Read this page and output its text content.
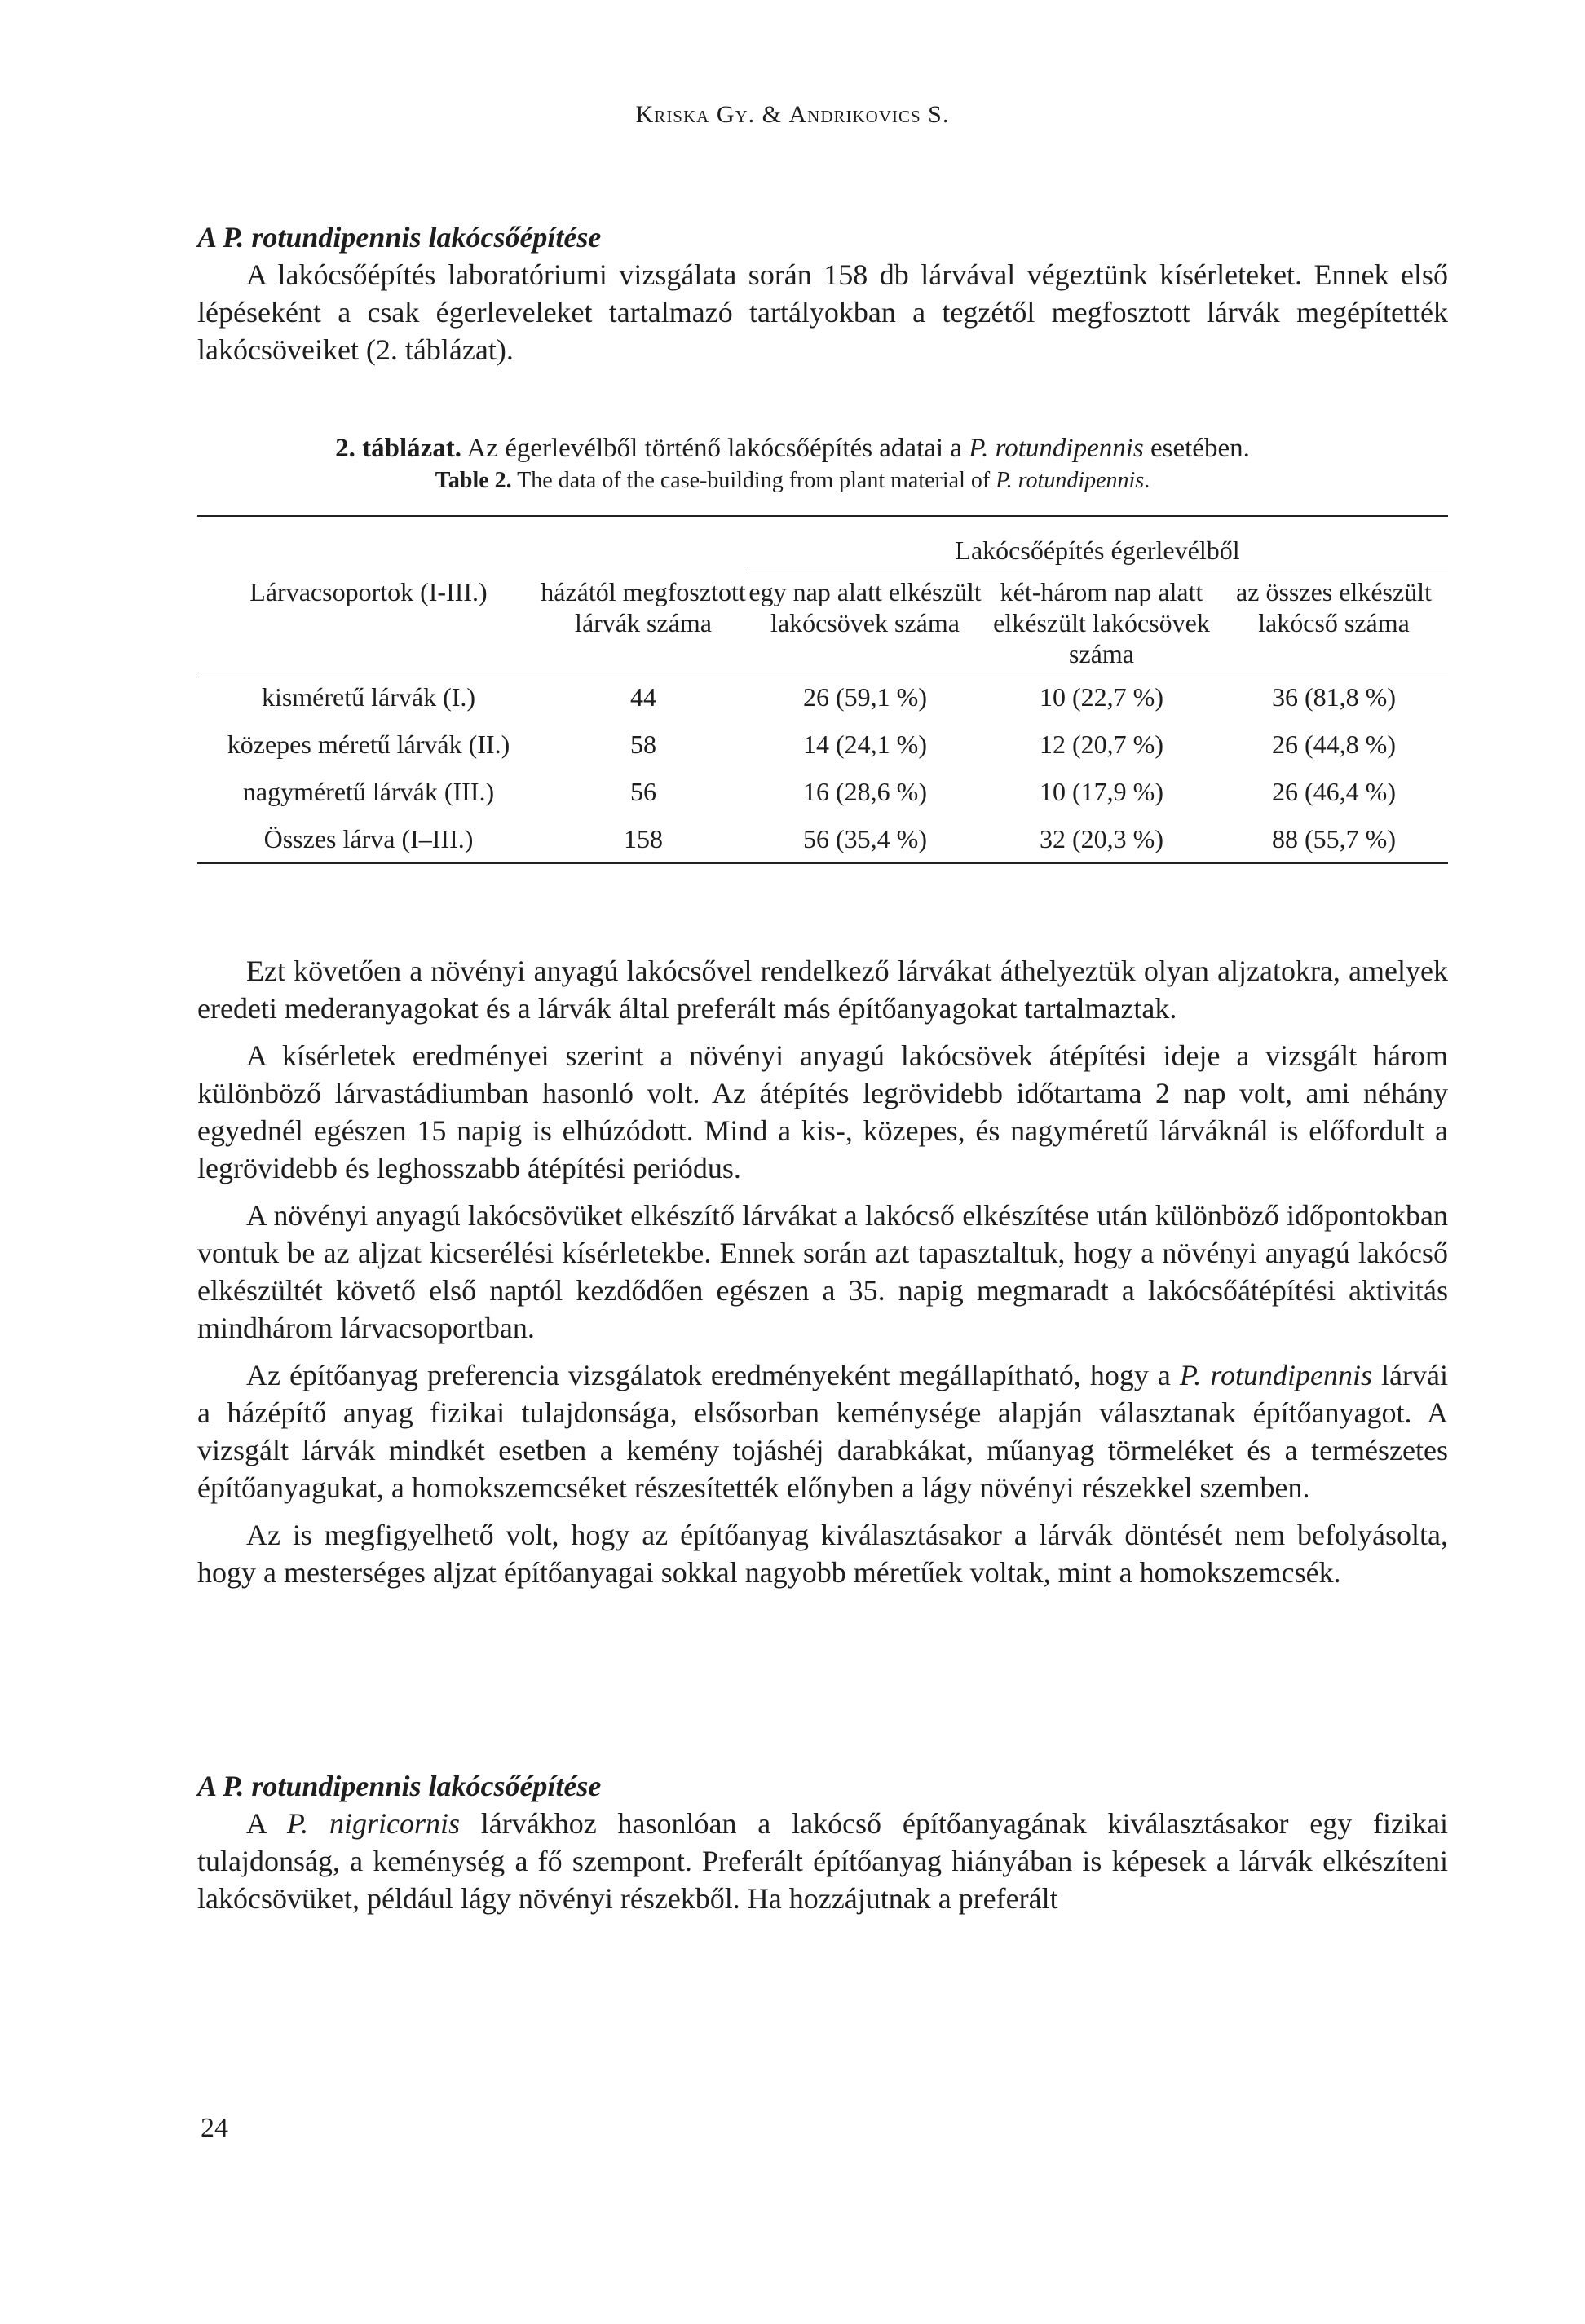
Kriska Gy. & Andrikovics S.
A P. rotundipennis lakócsőépítése

A lakócsőépítés laboratóriumi vizsgálata során 158 db lárvával végeztünk kísérleteket. Ennek első lépéseként a csak égerleveleket tartalmazó tartályokban a tegzétől megfosztott lárvák megépítették lakócsöveiket (2. táblázat).

2. táblázat. Az égerlevélből történő lakócsőépítés adatai a P. rotundipennis esetében.
Table 2. The data of the case-building from plant material of P. rotundipennis.

		Lakócsőépítés égerlevélből		
Lárvacsoportok (I-III.)	házától megfosztott lárvák száma	egy nap alatt elkészült lakócsövek száma	két-három nap alatt elkészült lakócsövek száma	az összes elkészült lakócső száma
kisméretű lárvák (I.)	44	26 (59,1 %)	10 (22,7 %)	36 (81,8 %)
közepes méretű lárvák (II.)	58	14 (24,1 %)	12 (20,7 %)	26 (44,8 %)
nagyméretű lárvák (III.)	56	16 (28,6 %)	10 (17,9 %)	26 (46,4 %)
Összes lárva (I–III.)	158	56 (35,4 %)	32 (20,3 %)	88 (55,7 %)

Ezt követően a növényi anyagú lakócsővel rendelkező lárvákat áthelyeztük olyan aljzatokra, amelyek eredeti mederanyagokat és a lárvák által preferált más építőanyagokat tartalmaztak.

A kísérletek eredményei szerint a növényi anyagú lakócsövek átépítési ideje a vizsgált három különböző lárvastádiumban hasonló volt. Az átépítés legrövidebb időtartama 2 nap volt, ami néhány egyednél egészen 15 napig is elhúzódott. Mind a kis-, közepes, és nagyméretű lárváknál is előfordult a legrövidebb és leghosszabb átépítési periódus.

A növényi anyagú lakócsövüket elkészítő lárvákat a lakócső elkészítése után különböző időpontokban vontuk be az aljzat kicserélési kísérletekbe. Ennek során azt tapasztaltuk, hogy a növényi anyagú lakócső elkészültét követő első naptól kezdődően egészen a 35. napig megmaradt a lakócsőátépítési aktivitás mindhárom lárvacsoportban.

Az építőanyag preferencia vizsgálatok eredményeként megállapítható, hogy a P. rotundipennis lárvái a házépítő anyag fizikai tulajdonsága, elsősorban keménysége alapján választanak építőanyagot. A vizsgált lárvák mindkét esetben a kemény tojáshéj darabkákat, műanyag törmeléket és a természetes építőanyagukat, a homokszemcséket részesítették előnyben a lágy növényi részekkel szemben.

Az is megfigyelhető volt, hogy az építőanyag kiválasztásakor a lárvák döntését nem befolyásolta, hogy a mesterséges aljzat építőanyagai sokkal nagyobb méretűek voltak, mint a homokszemcsék.

A P. rotundipennis lakócsőépítése

A P. nigricornis lárvákhoz hasonlóan a lakócső építőanyagának kiválasztásakor egy fizikai tulajdonság, a keménység a fő szempont. Preferált építőanyag hiányában is képesek a lárvák elkészíteni lakócsövüket, például lágy növényi részekből. Ha hozzájutnak a preferált

24
